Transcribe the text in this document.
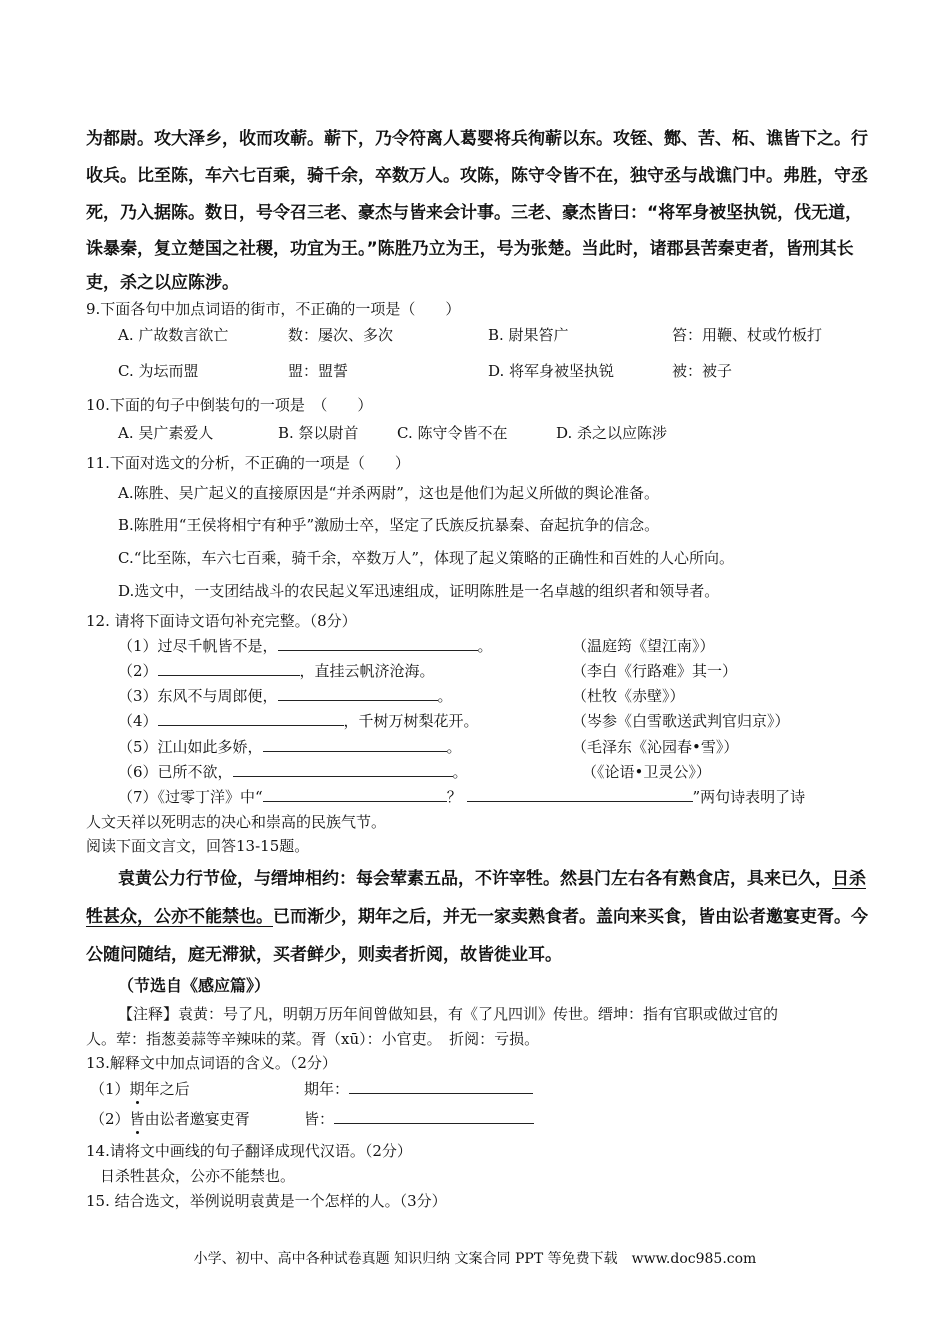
为都尉。攻大泽乡，收而攻蕲。蕲下，乃令符离人葛婴将兵徇蕲以东。攻铚、酂、苦、柘、谯皆下之。行
收兵。比至陈，车六七百乘，骑千余，卒数万人。攻陈，陈守令皆不在，独守丞与战谯门中。弗胜，守丞
死，乃入据陈。数日，号令召三老、豪杰与皆来会计事。三老、豪杰皆曰：“将军身被坚执锐，伐无道，
诛暴秦，复立楚国之社稷，功宜为王。”陈胜乃立为王，号为张楚。当此时，诸郡县苦秦吏者，皆刑其长
吏，杀之以应陈涉。
9.下面各句中加点词语的街市，不正确的一项是（　　）
A. 广故数言欲亡	数：屡次、多次	B. 尉果笞广	笞：用鞭、杖或竹板打
C. 为坛而盟	盟：盟誓	D. 将军身被坚执锐	被：被子
10.下面的句子中倒装句的一项是　（　　）
A. 吴广素爱人	B. 祭以尉首	C. 陈守令皆不在	D. 杀之以应陈涉
11.下面对选文的分析，不正确的一项是（　　）
A.陈胜、吴广起义的直接原因是“并杀两尉”，这也是他们为起义所做的舆论准备。
B.陈胜用“王侯将相宁有种乎”激励士卒，坚定了氏族反抗暴秦、奋起抗争的信念。
C.“比至陈，车六七百乘，骑千余，卒数万人”，体现了起义策略的正确性和百姓的人心所向。
D.选文中，一支团结战斗的农民起义军迅速组成，证明陈胜是一名卓越的组织者和领导者。
12. 请将下面诗文语句补充完整。（8分）
（1）过尽千帆皆不是，	。	（温庭筠《望江南》）
（2）	，直挂云帆济沧海。	（李白《行路难》其一）
（3）东风不与周郎便，	。	（杜牧《赤壁》）
（4）	，千树万树梨花开。	（岑参《白雪歌送武判官归京》）
（5）江山如此多娇，	。	（毛泽东《沁园春•雪》）
（6）已所不欲，	。	（《论语•卫灵公》）
（7）《过零丁洋》中“	？	”两句诗表明了诗
人文天祥以死明志的决心和崇高的民族气节。
阅读下面文言文，回答13-15题。
袁黄公力行节俭，与缙坤相约：每会荤素五品，不许宰牲。然县门左右各有熟食店，具来已久，日杀
牲甚众，公亦不能禁也。已而渐少，期年之后，并无一家卖熟食者。盖向来买食，皆由讼者邀宴吏胥。今
公随问随结，庭无滞狱，买者鲜少，则卖者折阅，故皆徙业耳。
（节选自《感应篇》）
【注释】袁黄：号了凡，明朝万历年间曾做知县，有《了凡四训》传世。缙坤：指有官职或做过官的
人。荤：指葱姜蒜等辛辣味的菜。胥（xū）：小官吏。　折阅：亏损。
13.解释文中加点词语的含义。（2分）
（1）期年之后	期年：
（2）皆由讼者邀宴吏胥	皆：
14.请将文中画线的句子翻译成现代汉语。（2分）
日杀牲甚众，公亦不能禁也。
15. 结合选文，举例说明袁黄是一个怎样的人。（3分）
小学、初中、高中各种试卷真题 知识归纳 文案合同 PPT 等免费下载　www.doc985.com
